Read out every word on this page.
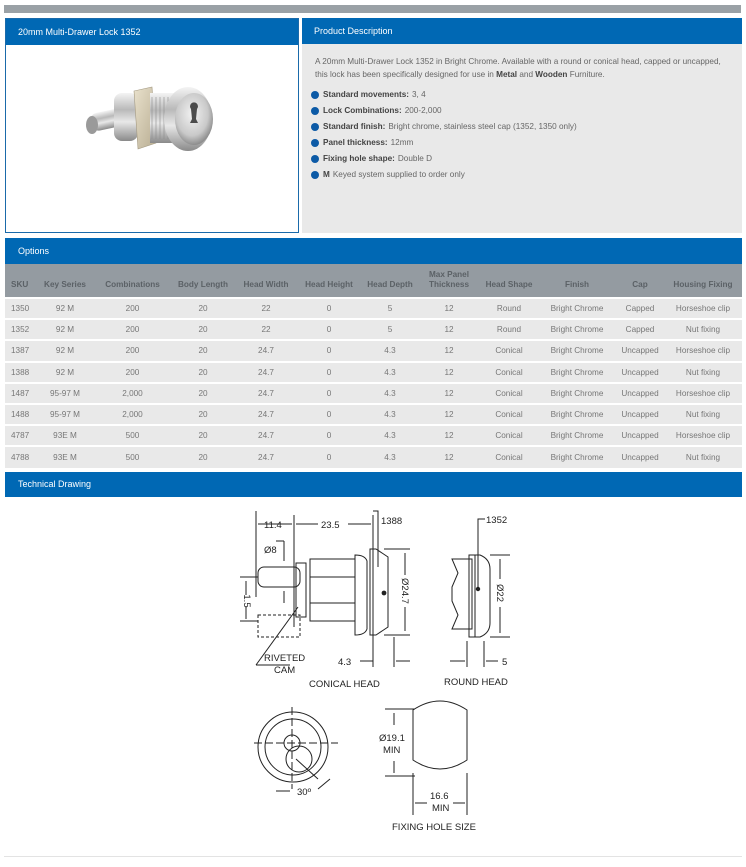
20mm Multi-Drawer Lock 1352	Product Description

A 20mm Multi-Drawer Lock 1352 in Bright Chrome. Available with a round or conical head, capped or uncapped, this lock has been specifically designed for use in Metal and Wooden Furniture.

Standard movements: 3, 4
Lock Combinations: 200-2,000
Standard finish: Bright chrome, stainless steel cap (1352, 1350 only)
Panel thickness: 12mm
Fixing hole shape: Double D
M Keyed system supplied to order only
Options
SKU	Key Series	Combinations	Body Length	Head Width	Head Height	Head Depth	Max Panel Thickness	Head Shape	Finish	Cap	Housing Fixing
1350	92 M	200	20	22	0	5	12	Round	Bright Chrome	Capped	Horseshoe clip
1352	92 M	200	20	22	0	5	12	Round	Bright Chrome	Capped	Nut fixing
1387	92 M	200	20	24.7	0	4.3	12	Conical	Bright Chrome	Uncapped	Horseshoe clip
1388	92 M	200	20	24.7	0	4.3	12	Conical	Bright Chrome	Uncapped	Nut fixing
1487	95-97 M	2,000	20	24.7	0	4.3	12	Conical	Bright Chrome	Uncapped	Horseshoe clip
1488	95-97 M	2,000	20	24.7	0	4.3	12	Conical	Bright Chrome	Uncapped	Nut fixing
4787	93E M	500	20	24.7	0	4.3	12	Conical	Bright Chrome	Uncapped	Horseshoe clip
4788	93E M	500	20	24.7	0	4.3	12	Conical	Bright Chrome	Uncapped	Nut fixing
Technical Drawing
11.4	23.5	1388
Ø8
1.5	Ø24.7
4.3
RIVETED
CAM
CONICAL HEAD
1352
Ø22
5
ROUND HEAD
30º
Ø19.1
MIN
16.6
MIN
FIXING HOLE SIZE
